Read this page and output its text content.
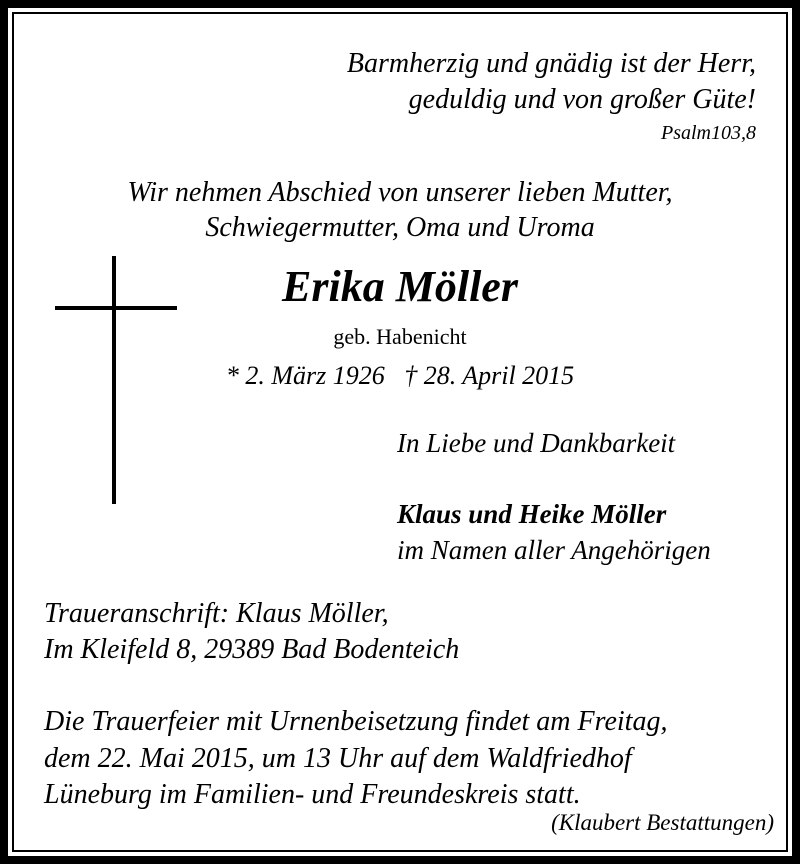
Barmherzig und gnädig ist der Herr,

geduldig und von großer Güte!

Psalm103,8

Wir nehmen Abschied von unserer lieben Mutter,

Schwiegermutter, Oma und Uroma

Erika Möller

geb. Habenicht

* 2. März 1926   † 28. April 2015

In Liebe und Dankbarkeit

Klaus und Heike Möller

im Namen aller Angehörigen

Traueranschrift: Klaus Möller,

Im Kleifeld 8, 29389 Bad Bodenteich

Die Trauerfeier mit Urnenbeisetzung findet am Freitag,

dem 22. Mai 2015, um 13 Uhr auf dem Waldfriedhof

Lüneburg im Familien- und Freundeskreis statt.

(Klaubert Bestattungen)
